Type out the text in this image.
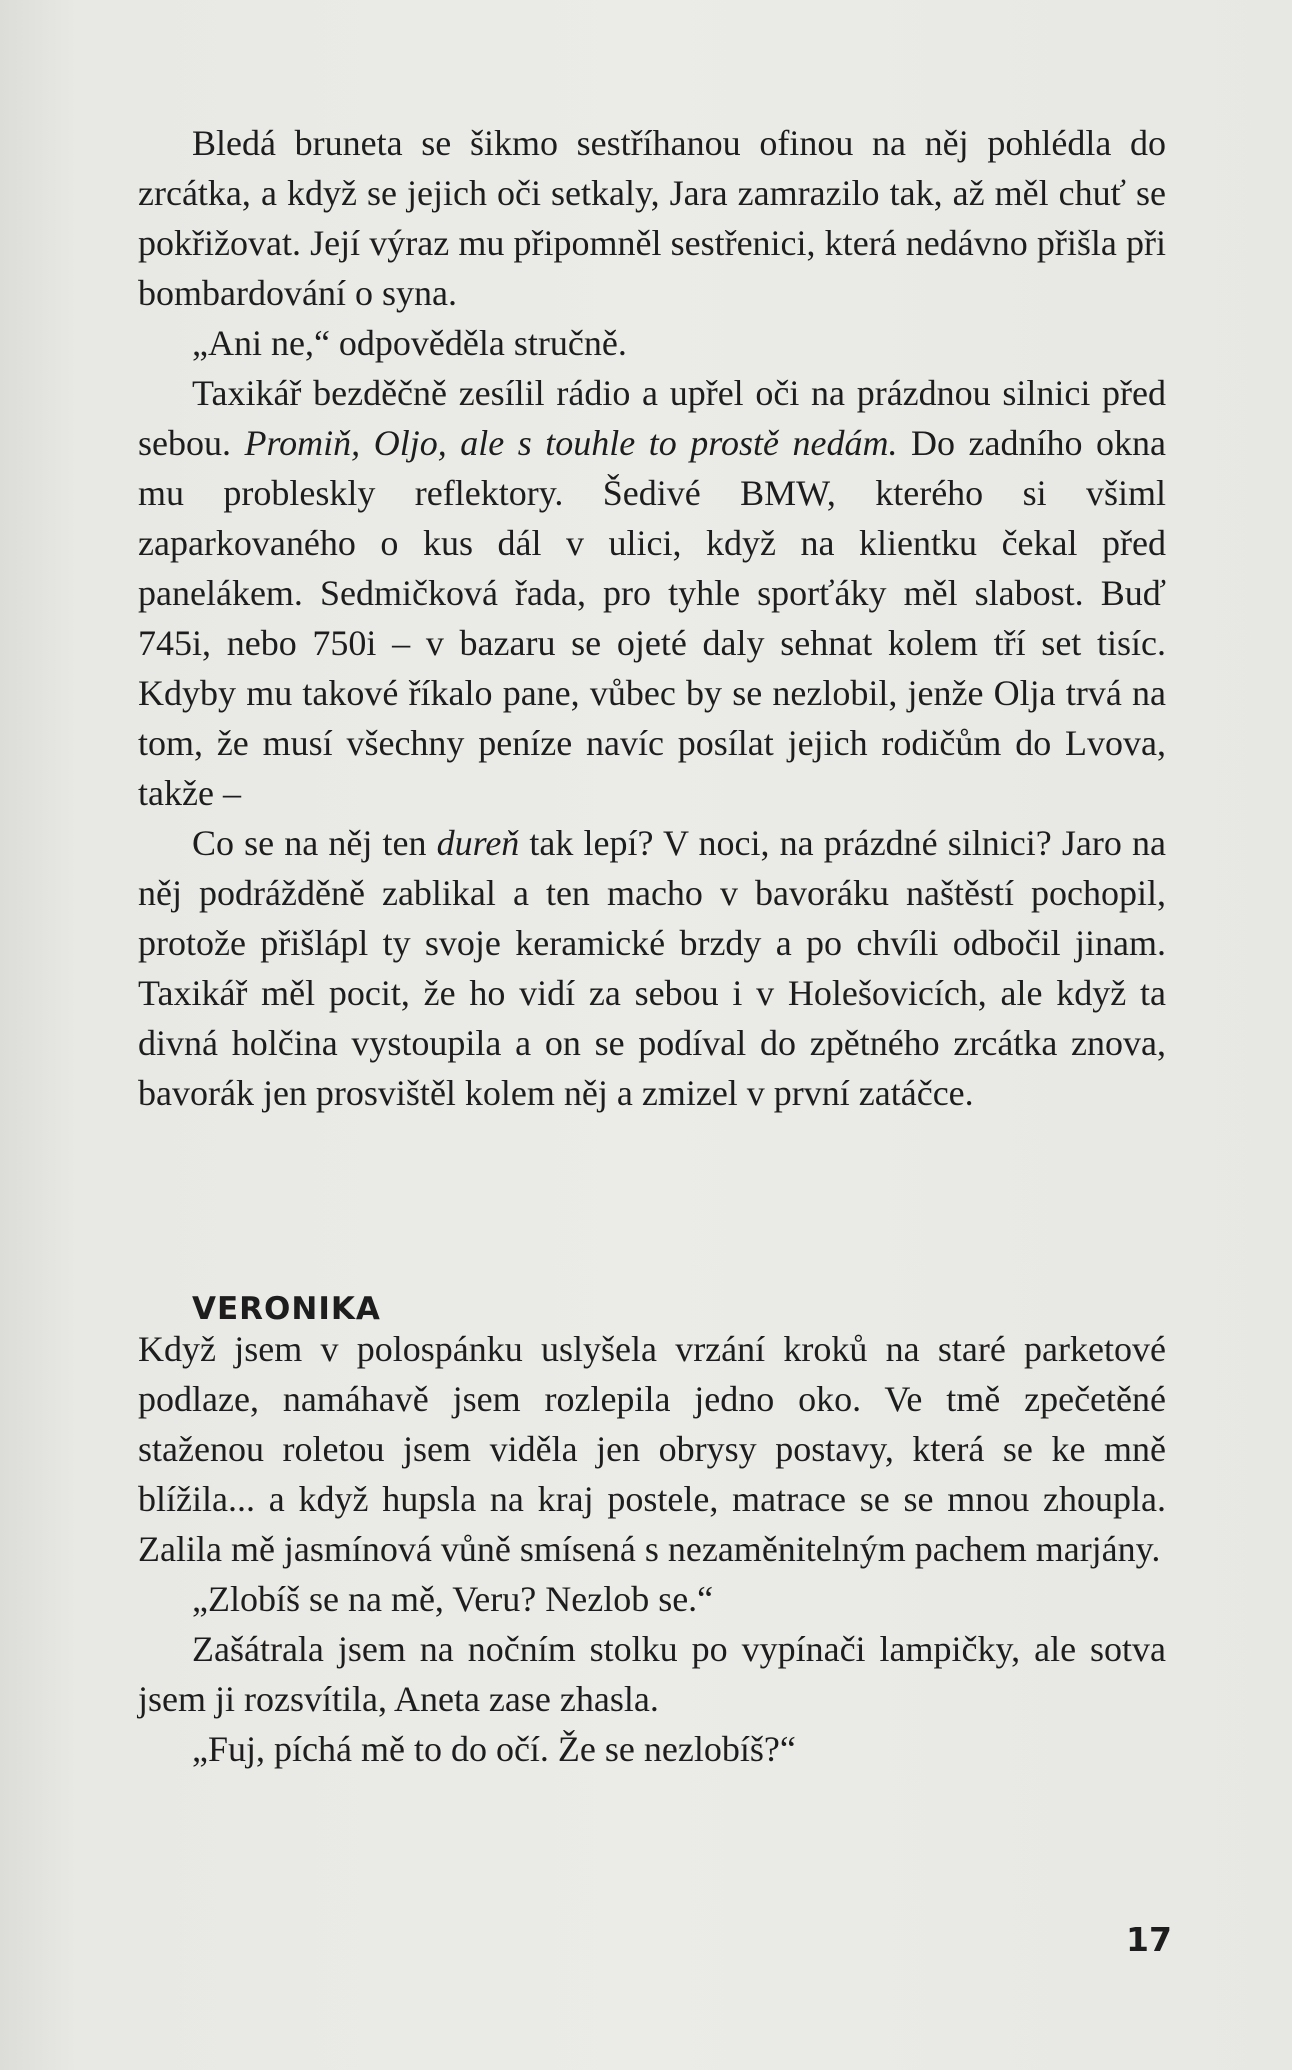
Bledá bruneta se šikmo sestříhanou ofinou na něj pohlédla do zrcátka, a když se jejich oči setkaly, Jara zamrazilo tak, až měl chuť se pokřižovat. Její výraz mu připomněl sestřenici, která nedávno přišla při bombardování o syna.

„Ani ne,“ odpověděla stručně.

Taxikář bezděčně zesílil rádio a upřel oči na prázdnou silnici před sebou. Promiň, Oljo, ale s touhle to prostě nedám. Do zadního okna mu probleskly reflektory. Šedivé BMW, kterého si všiml zaparkovaného o kus dál v ulici, když na klientku čekal před panelákem. Sedmičková řada, pro tyhle sporťáky měl slabost. Buď 745i, nebo 750i – v bazaru se ojeté daly sehnat kolem tří set tisíc. Kdyby mu takové říkalo pane, vůbec by se nezlobil, jenže Olja trvá na tom, že musí všechny peníze navíc posílat jejich rodičům do Lvova, takže –

Co se na něj ten dureň tak lepí? V noci, na prázdné silnici? Jaro na něj podrážděně zablikal a ten macho v bavoráku naštěstí pochopil, protože přišlápl ty svoje keramické brzdy a po chvíli odbočil jinam. Taxikář měl pocit, že ho vidí za sebou i v Holešovicích, ale když ta divná holčina vystoupila a on se podíval do zpětného zrcátka znova, bavorák jen prosvištěl kolem něj a zmizel v první zatáčce.

VERONIKA

Když jsem v polospánku uslyšela vrzání kroků na staré parketové podlaze, namáhavě jsem rozlepila jedno oko. Ve tmě zpečetěné staženou roletou jsem viděla jen obrysy postavy, která se ke mně blížila... a když hupsla na kraj postele, matrace se se mnou zhoupla. Zalila mě jasmínová vůně smísená s nezaměnitelným pachem marjány.

„Zlobíš se na mě, Veru? Nezlob se.“

Zašátrala jsem na nočním stolku po vypínači lampičky, ale sotva jsem ji rozsvítila, Aneta zase zhasla.

„Fuj, píchá mě to do očí. Že se nezlobíš?“

17
